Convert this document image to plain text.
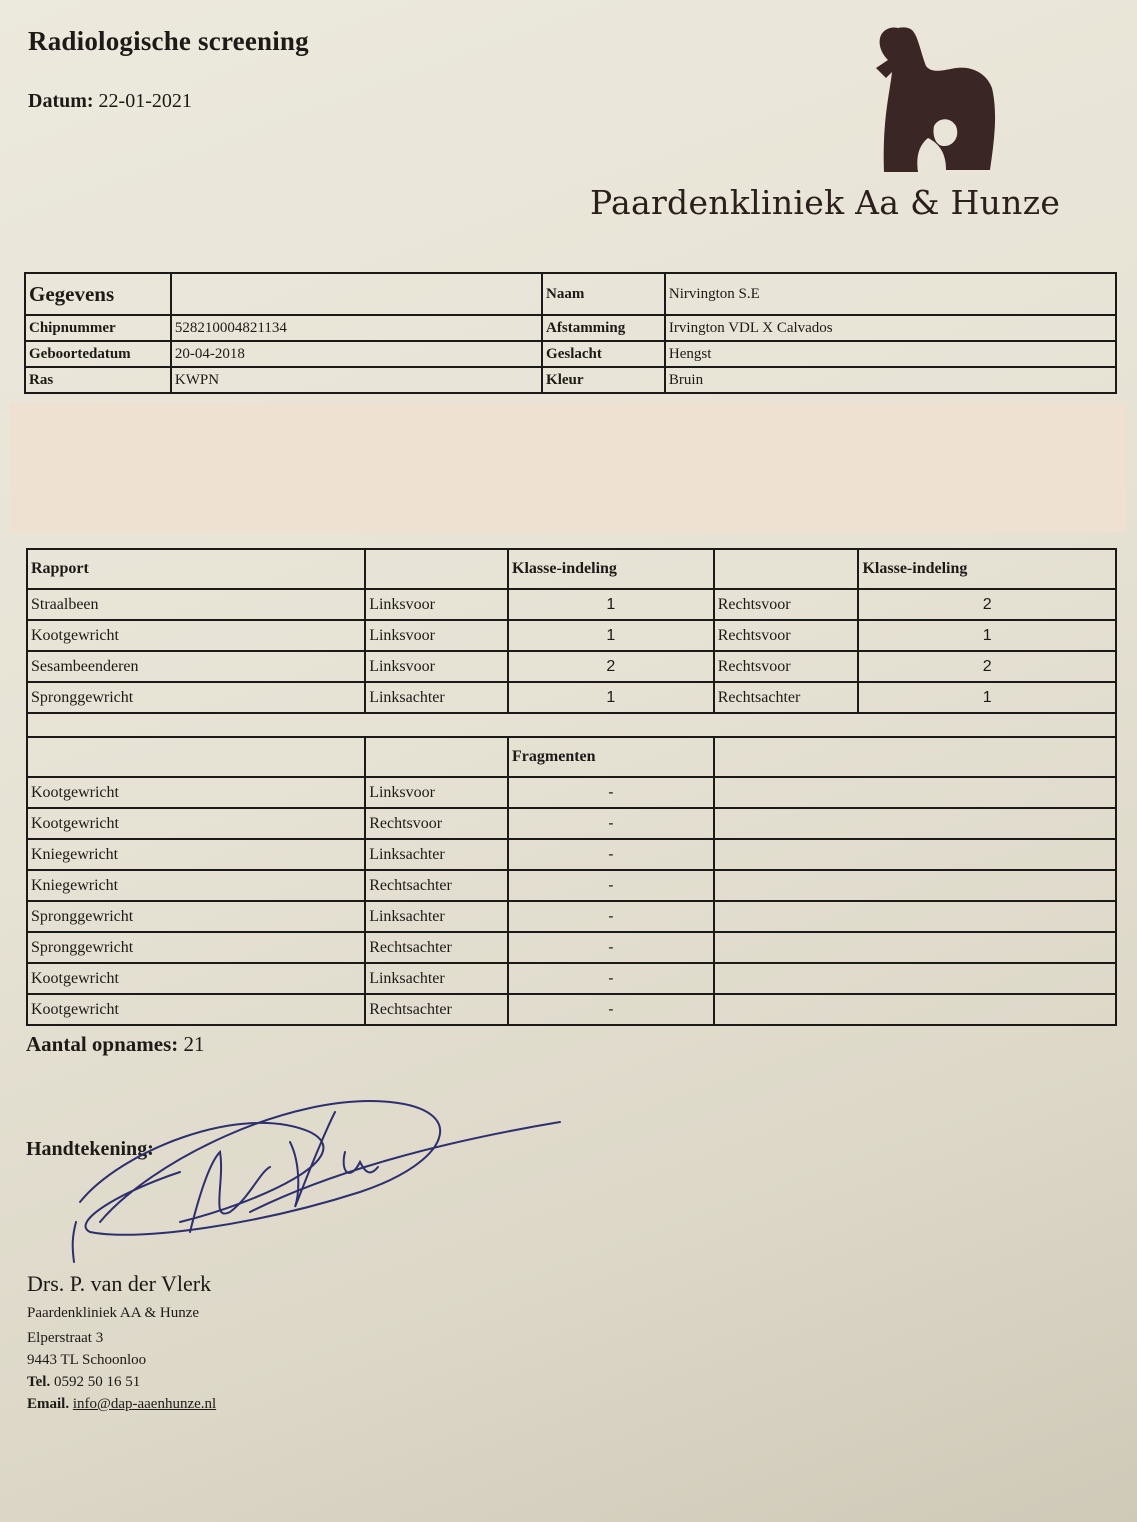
Radiologische screening
Datum: 22-01-2021
Paardenkliniek Aa & Hunze
Gegevens		Naam	Nirvington S.E
Chipnummer	528210004821134	Afstamming	Irvington VDL X Calvados
Geboortedatum	20-04-2018	Geslacht	Hengst
Ras	KWPN	Kleur	Bruin
Rapport		Klasse-indeling		Klasse-indeling
Straalbeen	Linksvoor	1	Rechtsvoor	2
Kootgewricht	Linksvoor	1	Rechtsvoor	1
Sesambeenderen	Linksvoor	2	Rechtsvoor	2
Spronggewricht	Linksachter	1	Rechtsachter	1

		Fragmenten		
Kootgewricht	Linksvoor	-		
Kootgewricht	Rechtsvoor	-		
Kniegewricht	Linksachter	-		
Kniegewricht	Rechtsachter	-		
Spronggewricht	Linksachter	-		
Spronggewricht	Rechtsachter	-		
Kootgewricht	Linksachter	-		
Kootgewricht	Rechtsachter	-		
Aantal opnames: 21
Handtekening:
Drs. P. van der Vlerk
Paardenkliniek AA & Hunze
Elperstraat 3
9443 TL Schoonloo
Tel. 0592 50 16 51
Email. info@dap-aaenhunze.nl
